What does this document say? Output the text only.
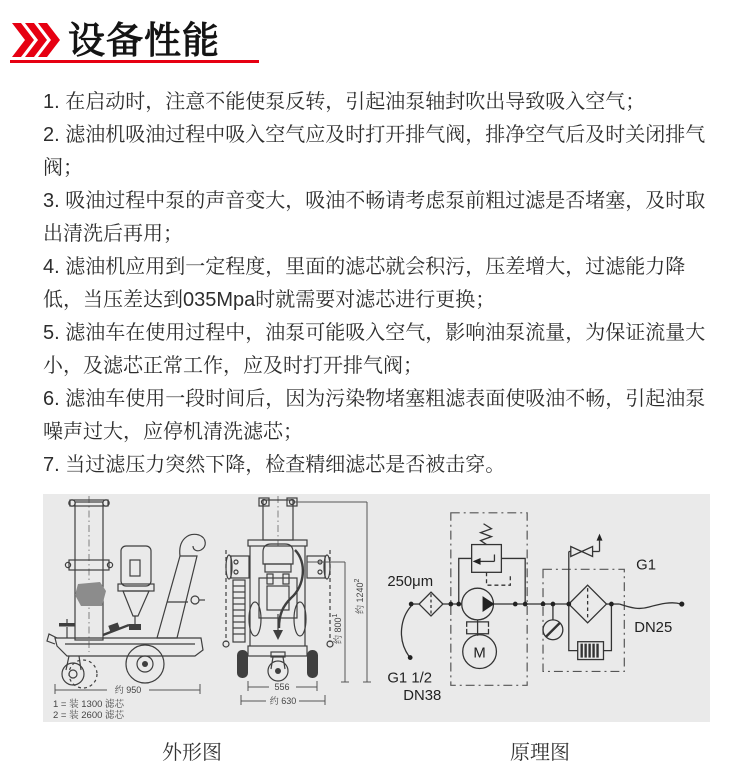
设备性能
1. 在启动时，注意不能使泵反转，引起油泵轴封吹出导致吸入空气；
2. 滤油机吸油过程中吸入空气应及时打开排气阀，排净空气后及时关闭排气阀；
3. 吸油过程中泵的声音变大，吸油不畅请考虑泵前粗过滤是否堵塞，及时取出清洗后再用；
4. 滤油机应用到一定程度，里面的滤芯就会积污，压差增大，过滤能力降低，当压差达到035Mpa时就需要对滤芯进行更换；
5. 滤油车在使用过程中，油泵可能吸入空气，影响油泵流量，为保证流量大小，及滤芯正常工作，应及时打开排气阀；
6. 滤油车使用一段时间后，因为污染物堵塞粗滤表面使吸油不畅，引起油泵噪声过大，应停机清洗滤芯；
7. 当过滤压力突然下降，检查精细滤芯是否被击穿。
约 950
1 = 装 1300 滤芯
2 = 装 2600 滤芯
556
约 630
约 $800^1$
约 1240$^2$
M
250μm
G1 1/2
DN38
G1
DN25
外形图	原理图
